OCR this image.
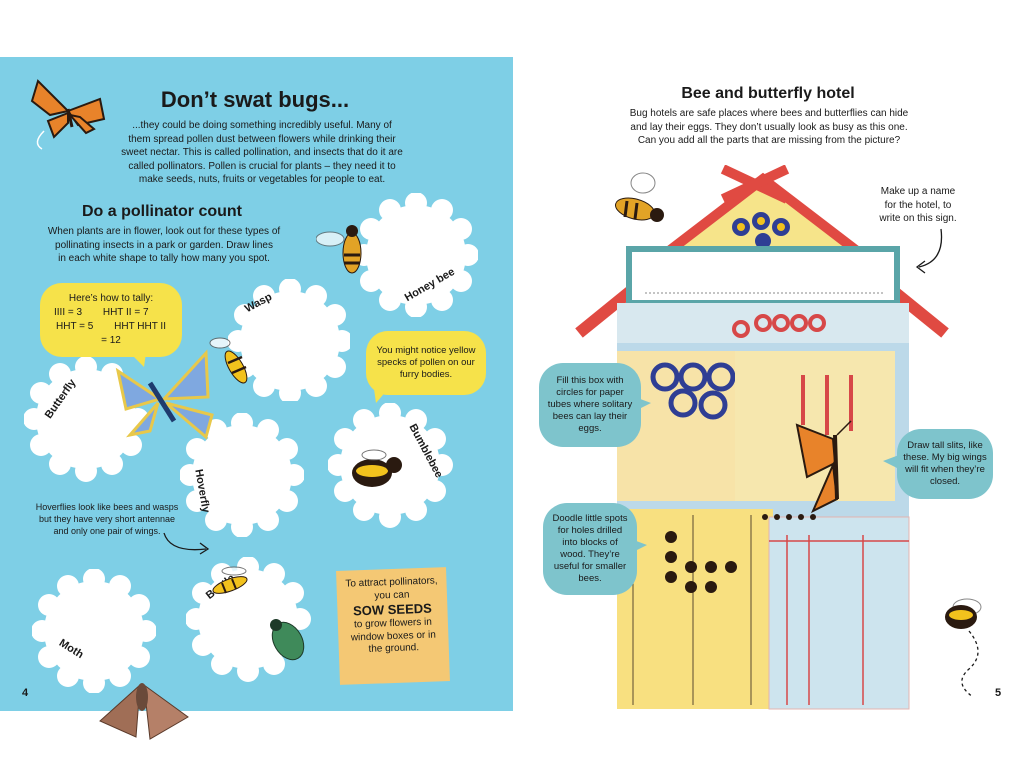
Don’t swat bugs...
...they could be doing something incredibly useful. Many of
them spread pollen dust between flowers while drinking their
sweet nectar. This is called pollination, and insects that do it are
called pollinators. Pollen is crucial for plants – they need it to
make seeds, nuts, fruits or vegetables for people to eat.
Do a pollinator count
When plants are in flower, look out for these types of
pollinating insects in a park or garden. Draw lines
in each white shape to tally how many you spot.
Here’s how to tally:
IIII = 3 HHT II = 7
HHT = 5 HHT HHT II = 12
Honey bee
Wasp
Butterfly
Hoverfly
Bumblebee
Moth
You might notice yellow specks of pollen on our furry bodies.
Hoverflies look like bees and wasps
but they have very short antennae
and only one pair of wings.
To attract pollinators, you can
SOW SEEDS
to grow flowers in window boxes or in the ground.
4
Bee and butterfly hotel
Bug hotels are safe places where bees and butterflies can hide
and lay their eggs. They don’t usually look as busy as this one.
Can you add all the parts that are missing from the picture?
Make up a name
for the hotel, to
write on this sign.
Fill this box with circles for paper tubes where solitary bees can lay their eggs.
Doodle little spots for holes drilled into blocks of wood. They’re useful for smaller bees.
Draw tall slits, like these. My big wings will fit when they’re closed.
5
